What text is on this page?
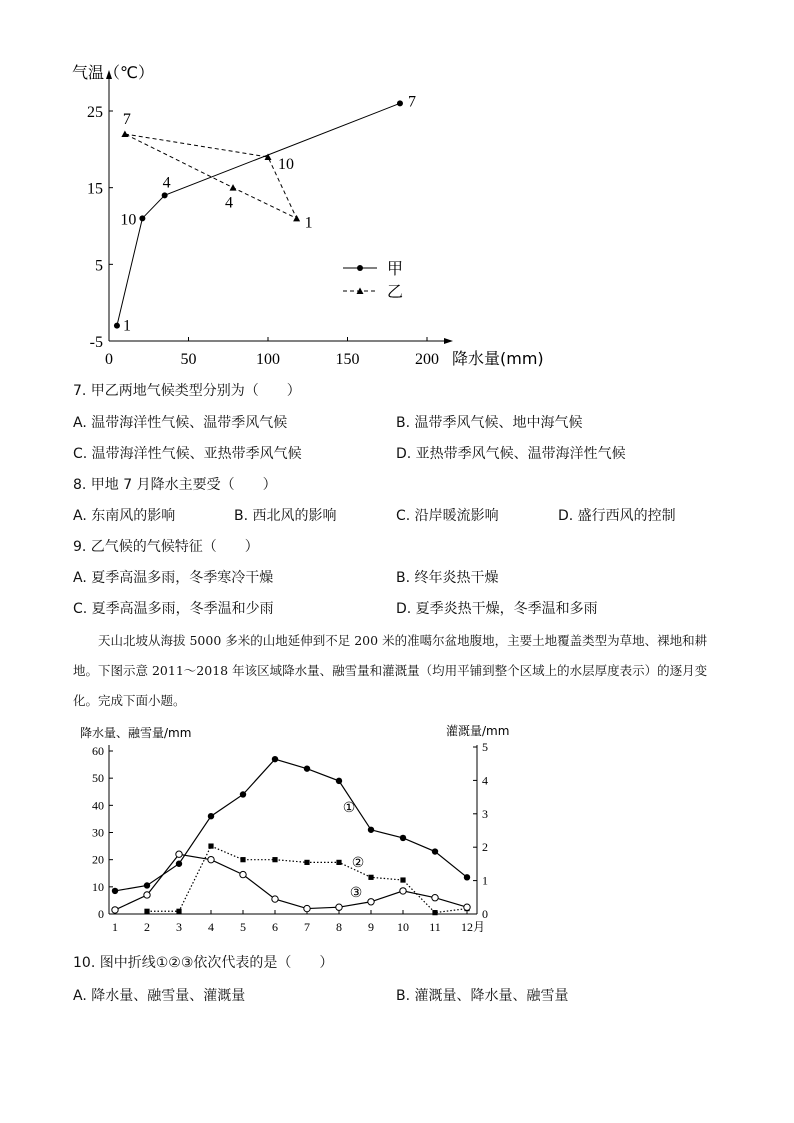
0	50	100	150	200
-5
5
15
25
气温（℃）
降水量(mm)
1
10
4
7
7
10
1
4
甲
乙
7. 甲乙两地气候类型分别为（　　）
A. 温带海洋性气候、温带季风气候	B. 温带季风气候、地中海气候
C. 温带海洋性气候、亚热带季风气候	D. 亚热带季风气候、温带海洋性气候
8. 甲地 7 月降水主要受（　　）
A. 东南风的影响	B. 西北风的影响	C. 沿岸暖流影响	D. 盛行西风的控制
9. 乙气候的气候特征（　　）
A. 夏季高温多雨，冬季寒冷干燥	B. 终年炎热干燥
C. 夏季高温多雨，冬季温和少雨	D. 夏季炎热干燥，冬季温和多雨
天山北坡从海拔 5000 多米的山地延伸到不足 200 米的准噶尔盆地腹地，主要土地覆盖类型为草地、裸地和耕地。下图示意 2011～2018 年该区域降水量、融雪量和灌溉量（均用平铺到整个区域上的水层厚度表示）的逐月变化。完成下面小题。
0
10
20
30
40
50
60
0
1
2
3
4
5
1 2 3 4 5 6 7 8 9 10 11 12月
降水量、融雪量/mm	灌溉量/mm
①
②
③
10. 图中折线①②③依次代表的是（　　）
A. 降水量、融雪量、灌溉量	B. 灌溉量、降水量、融雪量
